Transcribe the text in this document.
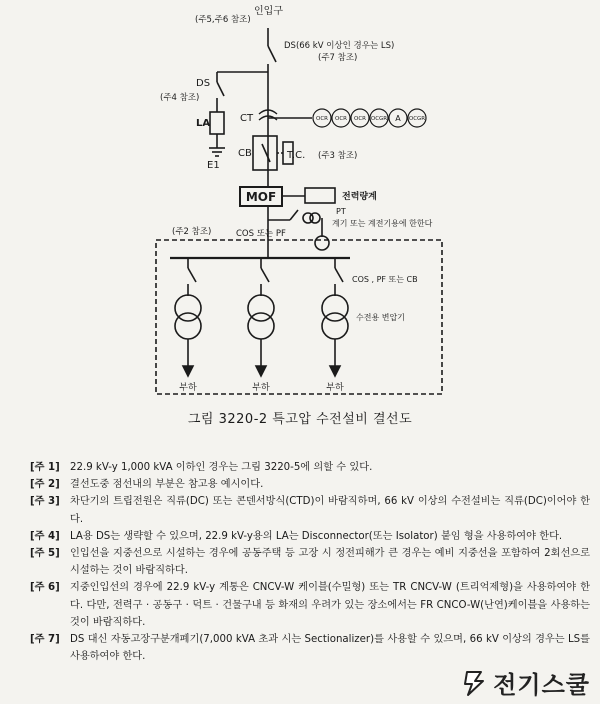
MOF
OCR OCR OCR OCGR A OCGR
(주5,주6 참조)
인입구
DS(66 kV 이상인 경우는 LS)
(주7 참조)
DS
(주4 참조)
LA
E1
CT
CB	T.C. (주3 참조)
전력량계
PT
COS 또는 PF
계기 또는 계전기용에 한한다
(주2 참조)
COS , PF 또는 CB
수전용 변압기
부하	부하	부하
그림 3220-2 특고압 수전설비 결선도
[주 1]	22.9 kV-y 1,000 kVA 이하인 경우는 그림 3220-5에 의할 수 있다.
[주 2]	결선도중 점선내의 부분은 참고용 예시이다.
[주 3]	차단기의 트립전원은 직류(DC) 또는 콘덴서방식(CTD)이 바람직하며, 66 kV 이상의 수전설비는 직류(DC)이어야 한다.
[주 4]	LA용 DS는 생략할 수 있으며, 22.9 kV-y용의 LA는 Disconnector(또는 Isolator) 붙임 형을 사용하여야 한다.
[주 5]	인입선을 지중선으로 시설하는 경우에 공동주택 등 고장 시 정전피해가 큰 경우는 예비 지중선을 포함하여 2회선으로 시설하는 것이 바람직하다.
[주 6]	지중인입선의 경우에 22.9 kV-y 계통은 CNCV-W 케이블(수밀형) 또는 TR CNCV-W (트리억제형)을 사용하여야 한다. 다만, 전력구 · 공동구 · 덕트 · 건물구내 등 화재의 우려가 있는 장소에서는 FR CNCO-W(난연)케이블을 사용하는 것이 바람직하다.
[주 7]	DS 대신 자동고장구분개폐기(7,000 kVA 초과 시는 Sectionalizer)를 사용할 수 있으며, 66 kV 이상의 경우는 LS를 사용하여야 한다.
전기스쿨
